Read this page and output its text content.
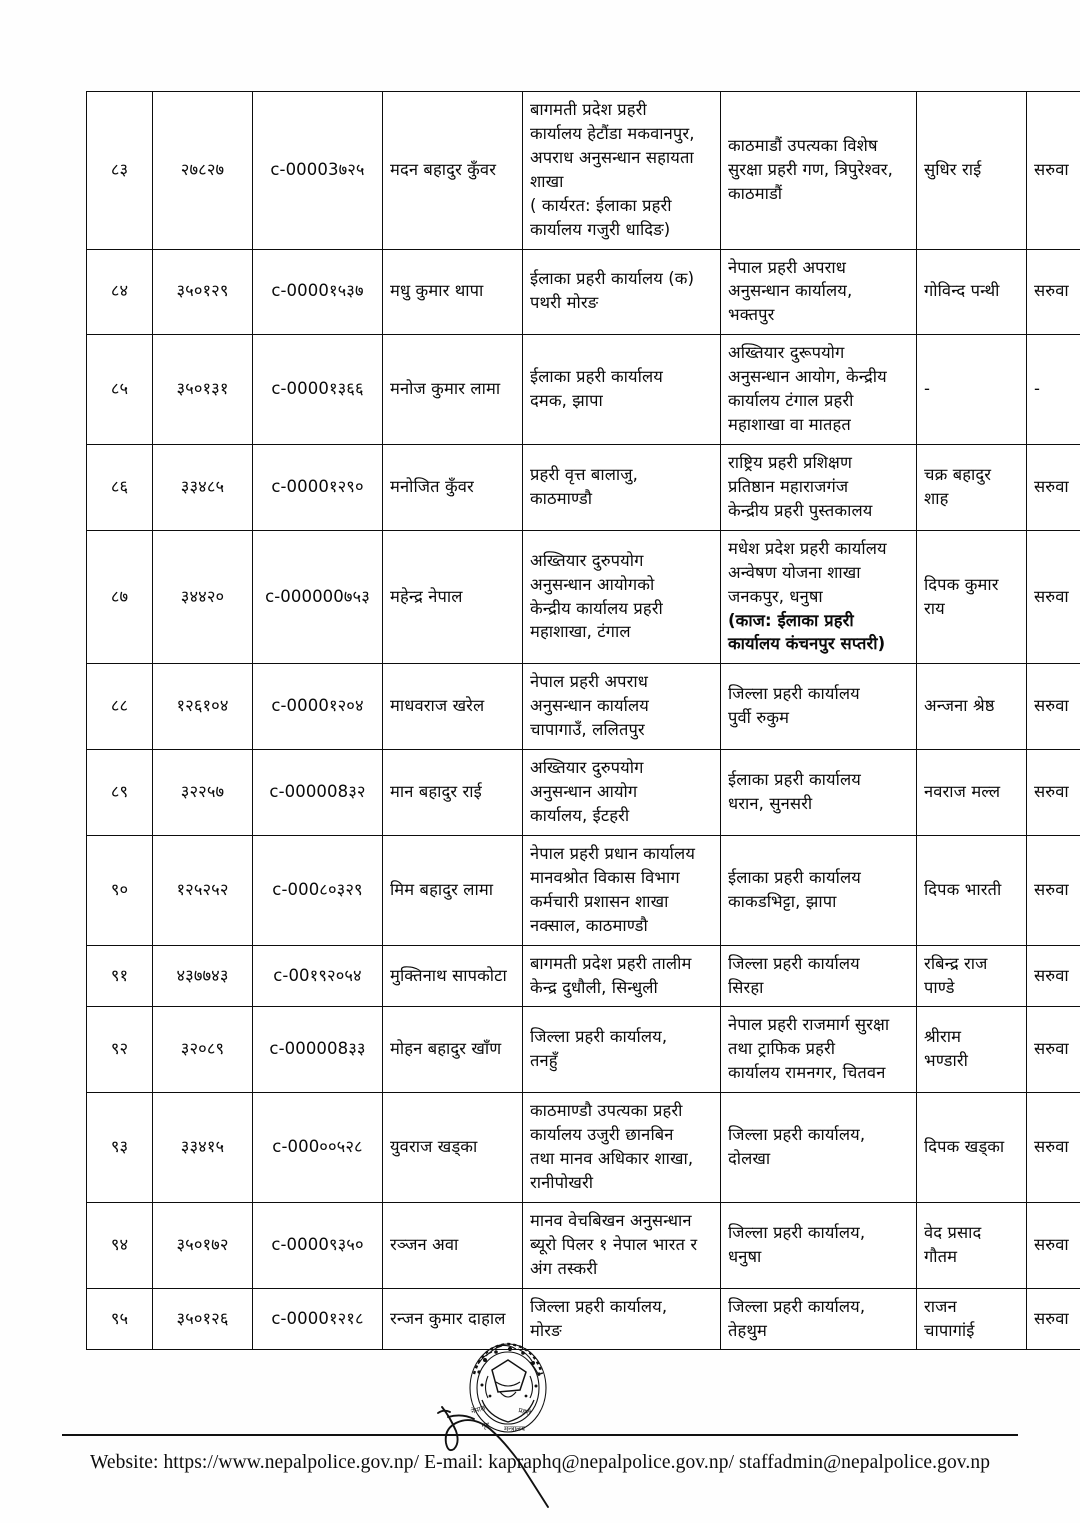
८३	२७८२७	c-00003७२५	मदन बहादुर कुँवर	
बागमती प्रदेश प्रहरी
कार्यालय हेटौंडा मकवानपुर,
अपराध अनुसन्धान सहायता
शाखा
( कार्यरत: ईलाका प्रहरी
कार्यालय गजुरी धादिङ)

काठमाडौं उपत्यका विशेष
सुरक्षा प्रहरी गण, त्रिपुरेश्वर,
काठमाडौं

सुधिर राई	सरुवा
८४	३५०१२९	c-0000१५३७	मधु कुमार थापा	ईलाका प्रहरी कार्यालय (क)
पथरी मोरङ	नेपाल प्रहरी अपराध
अनुसन्धान कार्यालय,
भक्तपुर	गोविन्द पन्थी	सरुवा
८५	३५०१३१	c-0000१३६६	मनोज कुमार लामा	ईलाका प्रहरी कार्यालय
दमक, झापा	अख्तियार दुरूपयोग
अनुसन्धान आयोग, केन्द्रीय
कार्यालय टंगाल प्रहरी
महाशाखा वा मातहत	-	-
८६	३३४८५	c-0000१२९०	मनोजित कुँवर	प्रहरी वृत्त बालाजु,
काठमाण्डौ	राष्ट्रिय प्रहरी प्रशिक्षण
प्रतिष्ठान महाराजगंज
केन्द्रीय प्रहरी पुस्तकालय	चक्र बहादुर
शाह	सरुवा
८७	३४४२०	c-000000७५३	महेन्द्र नेपाल	अख्तियार दुरुपयोग
अनुसन्धान आयोगको
केन्द्रीय कार्यालय प्रहरी
महाशाखा, टंगाल	मधेश प्रदेश प्रहरी कार्यालय
अन्वेषण योजना शाखा
जनकपुर, धनुषा
(काज: ईलाका प्रहरी
कार्यालय कंचनपुर सप्तरी)	दिपक कुमार
राय	सरुवा
८८	१२६१०४	c-0000१२०४	माधवराज खरेल	नेपाल प्रहरी अपराध
अनुसन्धान कार्यालय
चापागाउँ, ललितपुर	जिल्ला प्रहरी कार्यालय
पुर्वी रुकुम	अन्जना श्रेष्ठ	सरुवा
८९	३२२५७	c-000008३२	मान बहादुर राई	अख्तियार दुरुपयोग
अनुसन्धान आयोग
कार्यालय, ईटहरी	ईलाका प्रहरी कार्यालय
धरान, सुनसरी	नवराज मल्ल	सरुवा
९०	१२५२५२	c-000८०३२९	मिम बहादुर लामा	नेपाल प्रहरी प्रधान कार्यालय
मानवश्रोत विकास विभाग
कर्मचारी प्रशासन शाखा
नक्साल, काठमाण्डौ	ईलाका प्रहरी कार्यालय
काकडभिट्टा, झापा	दिपक भारती	सरुवा
९१	४३७७४३	c-00१९२०५४	मुक्तिनाथ सापकोटा	बागमती प्रदेश प्रहरी तालीम
केन्द्र दुधौली, सिन्धुली	जिल्ला प्रहरी कार्यालय
सिरहा	रबिन्द्र राज
पाण्डे	सरुवा
९२	३२०८९	c-000008३३	मोहन बहादुर खाँण	जिल्ला प्रहरी कार्यालय,
तनहुँ	नेपाल प्रहरी राजमार्ग सुरक्षा
तथा ट्राफिक प्रहरी
कार्यालय रामनगर, चितवन	श्रीराम
भण्डारी	सरुवा
९३	३३४१५	c-000००५२८	युवराज खड्का	काठमाण्डौ उपत्यका प्रहरी
कार्यालय उजुरी छानबिन
तथा मानव अधिकार शाखा,
रानीपोखरी	जिल्ला प्रहरी कार्यालय,
दोलखा	दिपक खड्का	सरुवा
९४	३५०१७२	c-0000९३५०	रञ्जन अवा	मानव वेचबिखन अनुसन्धान
ब्यूरो पिलर १ नेपाल भारत र
अंग तस्करी	जिल्ला प्रहरी कार्यालय,
धनुषा	वेद प्रसाद
गौतम	सरुवा
९५	३५०१२६	c-0000१२१८	रन्जन कुमार दाहाल	जिल्ला प्रहरी कार्यालय,
मोरङ	जिल्ला प्रहरी कार्यालय,
तेहथुम	राजन
चापागांई	सरुवा
नेपाल	प्रहरी
गृह मन्त्रालय
Website: https://www.nepalpolice.gov.np/ E-mail: kapraphq@nepalpolice.gov.np/ staffadmin@nepalpolice.gov.np
